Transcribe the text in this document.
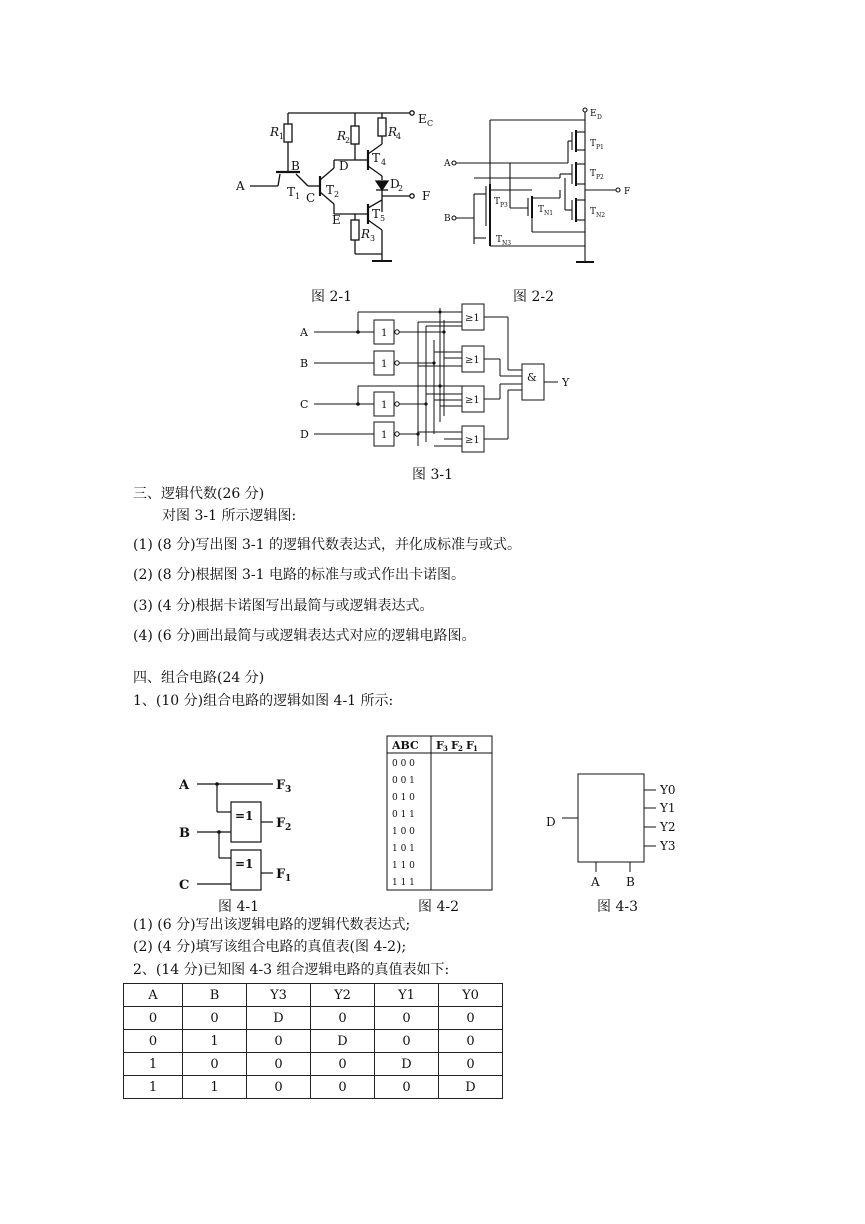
R 1
B
A	T 1 C
T 2
R
2
D
R
4
T 4
D
2
F
E C
E	T 5
R 3
图 2-1
E D
A
B
F
T P1
T P2
T P3	T N1	T N2
T N3
图 2-2
A
B
C
D
1
1
1
1
≥1
≥1
≥1
≥1
& Y
图 3-1
三、逻辑代数(26 分)
对图 3-1 所示逻辑图:
(1) (8 分)写出图 3-1 的逻辑代数表达式，并化成标准与或式。
(2) (8 分)根据图 3-1 电路的标准与或式作出卡诺图。
(3) (4 分)根据卡诺图写出最简与或逻辑表达式。
(4) (6 分)画出最简与或逻辑表达式对应的逻辑电路图。
四、组合电路(24 分)
1、(10 分)组合电路的逻辑如图 4-1 所示:
A
B
C
=1
=1
F 3
F 2
F 1
图 4-1
ABC F 3 F 2 F 1
0 0 0
0 0 1
0 1 0
0 1 1
1 0 0
1 0 1
1 1 0
1 1 1
图 4-2
D
Y0
Y1
Y2
Y3
A B
图 4-3
(1) (6 分)写出该逻辑电路的逻辑代数表达式;
(2) (4 分)填写该组合电路的真值表(图 4-2);
2、(14 分)已知图 4-3 组合逻辑电路的真值表如下:
A	B	Y3	Y2	Y1	Y0
0	0	D	0	0	0
0	1	0	D	0	0
1	0	0	0	D	0
1	1	0	0	0	D
